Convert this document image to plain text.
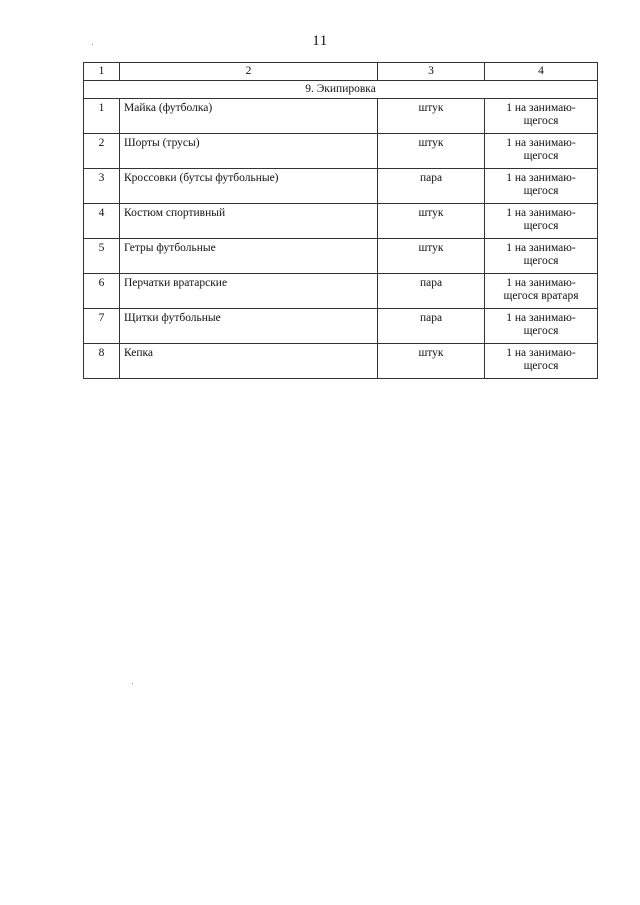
11
1	2	3	4
9. Экипировка			
1	Майка (футболка)	штук	1 на занимаю-
щегося

2	Шорты (трусы)	штук	1 на занимаю-
щегося

3	Кроссовки (бутсы футбольные)	пара	1 на занимаю-
щегося

4	Костюм спортивный	штук	1 на занимаю-
щегося

5	Гетры футбольные	штук	1 на занимаю-
щегося

6	Перчатки вратарские	пара	1 на занимаю-
щегося вратаря

7	Щитки футбольные	пара	1 на занимаю-
щегося

8	Кепка	штук	1 на занимаю-
щегося
